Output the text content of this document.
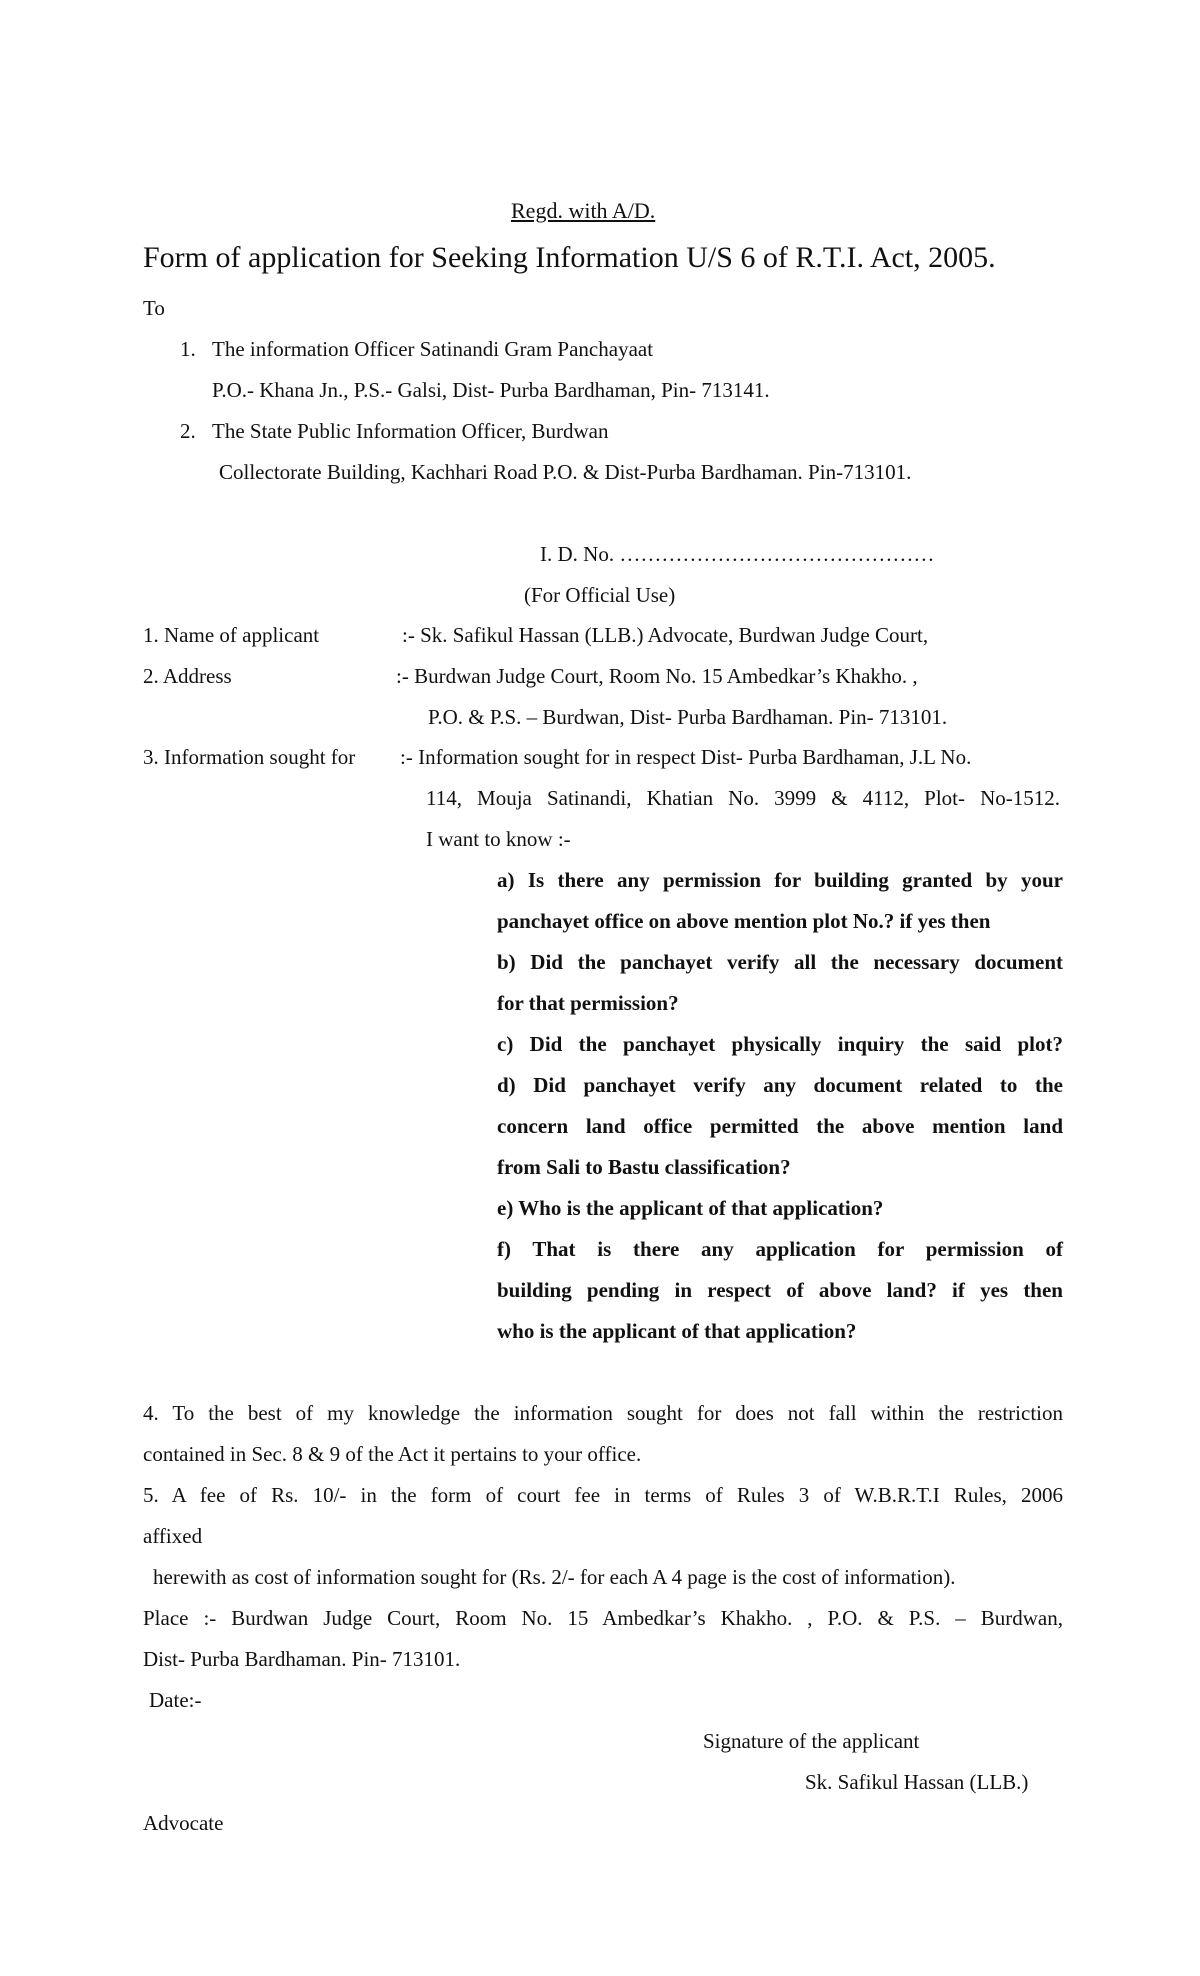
Regd. with A/D.
Form of application for Seeking Information U/S 6 of R.T.I. Act, 2005.
To
1. The information Officer Satinandi Gram Panchayaat
P.O.- Khana Jn., P.S.- Galsi, Dist- Purba Bardhaman, Pin- 713141.
2. The State Public Information Officer, Burdwan
Collectorate Building, Kachhari Road P.O. & Dist-Purba Bardhaman. Pin-713101.
I. D. No. ………………………………………
(For Official Use)
1. Name of applicant	:- Sk. Safikul Hassan (LLB.) Advocate, Burdwan Judge Court,
2. Address	:- Burdwan Judge Court, Room No. 15 Ambedkar’s Khakho. ,
P.O. & P.S. – Burdwan, Dist- Purba Bardhaman. Pin- 713101.
3. Information sought for :- Information sought for in respect Dist- Purba Bardhaman, J.L No.
114, Mouja Satinandi, Khatian No. 3999 & 4112, Plot- No-1512.
I want to know :-
a) Is there any permission for building granted by your
panchayet office on above mention plot No.? if yes then
b) Did the panchayet verify all the necessary document
for that permission?
c) Did the panchayet physically inquiry the said plot?
d) Did panchayet verify any document related to the
concern land office permitted the above mention land
from Sali to Bastu classification?
e) Who is the applicant of that application?
f) That is there any application for permission of
building pending in respect of above land? if yes then
who is the applicant of that application?
4. To the best of my knowledge the information sought for does not fall within the restriction
contained in Sec. 8 & 9 of the Act it pertains to your office.
5. A fee of Rs. 10/- in the form of court fee in terms of Rules 3 of W.B.R.T.I Rules, 2006
affixed
herewith as cost of information sought for (Rs. 2/- for each A 4 page is the cost of information).
Place :- Burdwan Judge Court, Room No. 15 Ambedkar’s Khakho. , P.O. & P.S. – Burdwan,
Dist- Purba Bardhaman. Pin- 713101.
Date:-
Signature of the applicant
Sk. Safikul Hassan (LLB.)
Advocate
